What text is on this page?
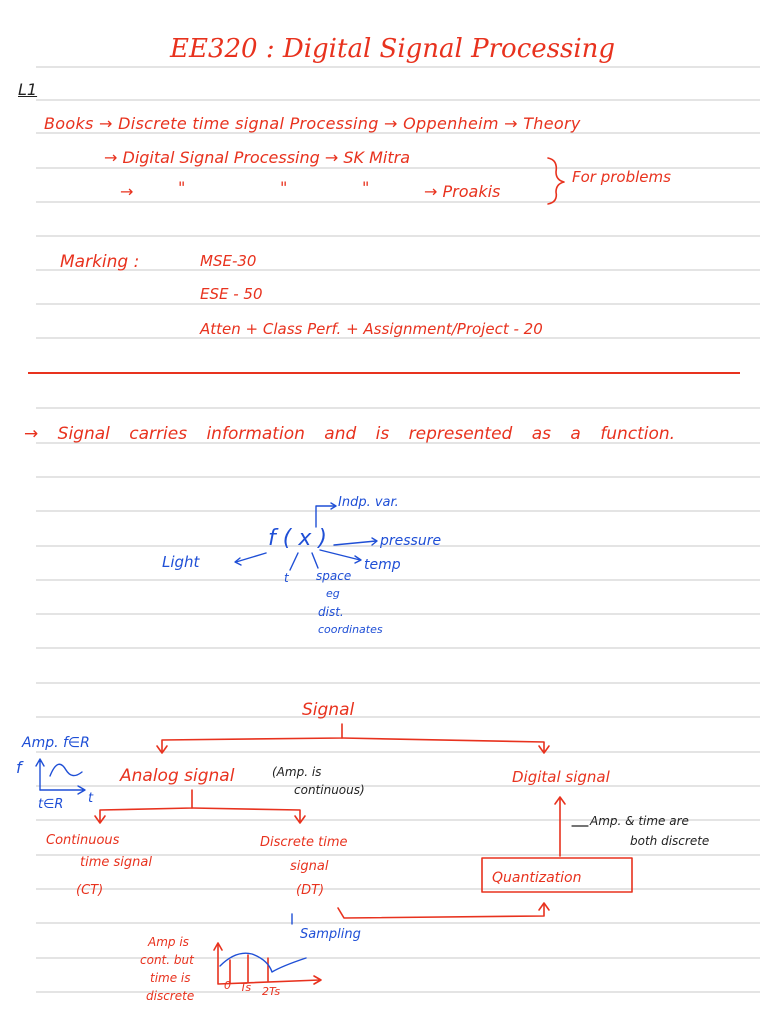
EE320 : Digital Signal Processing
L1
Books → Discrete time signal Processing → Oppenheim → Theory
→ Digital Signal Processing → SK Mitra
→	"	"	"	→ Proakis
For problems
Marking :	MSE-30
ESE - 50
Atten + Class Perf. + Assignment/Project - 20
→ Signal carries information and is represented as a function.
Indp. var.
f ( x )	pressure
temp
Light
t space
eg
dist.
coordinates
Signal
Amp. f∈R
f
t
t∈R
Analog signal	(Amp. is
continuous)
Digital signal
Amp. & time are
both discrete
Continuous
time signal
(CT)
Discrete time
signal
(DT)
Quantization
Sampling
Amp is
cont. but
time is
discrete
0 Ts 2Ts
